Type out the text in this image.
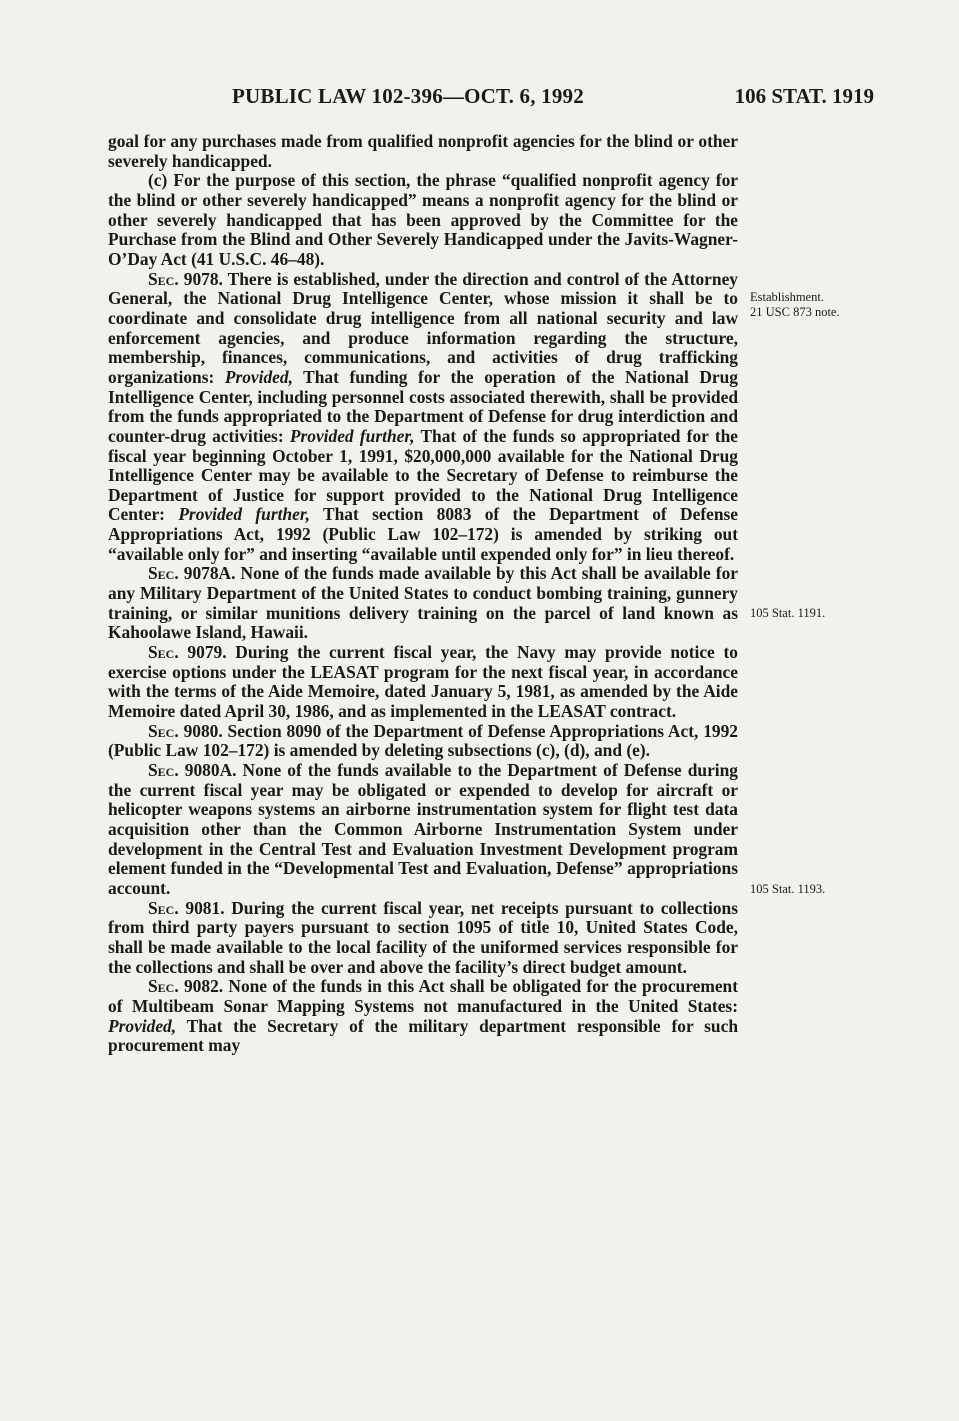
PUBLIC LAW 102-396—OCT. 6, 1992	106 STAT. 1919
Establishment.
21 USC 873 note.
105 Stat. 1191.
105 Stat. 1193.

goal for any purchases made from qualified nonprofit agencies for the blind or other severely handicapped.

(c) For the purpose of this section, the phrase “qualified nonprofit agency for the blind or other severely handicapped” means a nonprofit agency for the blind or other severely handicapped that has been approved by the Committee for the Purchase from the Blind and Other Severely Handicapped under the Javits-Wagner-O’Day Act (41 U.S.C. 46–48).

Sec. 9078. There is established, under the direction and control of the Attorney General, the National Drug Intelligence Center, whose mission it shall be to coordinate and consolidate drug intelligence from all national security and law enforcement agencies, and produce information regarding the structure, membership, finances, communications, and activities of drug trafficking organizations: Provided, That funding for the operation of the National Drug Intelligence Center, including personnel costs associated therewith, shall be provided from the funds appropriated to the Department of Defense for drug interdiction and counter-drug activities: Provided further, That of the funds so appropriated for the fiscal year beginning October 1, 1991, $20,000,000 available for the National Drug Intelligence Center may be available to the Secretary of Defense to reimburse the Department of Justice for support provided to the National Drug Intelligence Center: Provided further, That section 8083 of the Department of Defense Appropriations Act, 1992 (Public Law 102–172) is amended by striking out “available only for” and inserting “available until expended only for” in lieu thereof.

Sec. 9078A. None of the funds made available by this Act shall be available for any Military Department of the United States to conduct bombing training, gunnery training, or similar munitions delivery training on the parcel of land known as Kahoolawe Island, Hawaii.

Sec. 9079. During the current fiscal year, the Navy may provide notice to exercise options under the LEASAT program for the next fiscal year, in accordance with the terms of the Aide Memoire, dated January 5, 1981, as amended by the Aide Memoire dated April 30, 1986, and as implemented in the LEASAT contract.

Sec. 9080. Section 8090 of the Department of Defense Appropriations Act, 1992 (Public Law 102–172) is amended by deleting subsections (c), (d), and (e).

Sec. 9080A. None of the funds available to the Department of Defense during the current fiscal year may be obligated or expended to develop for aircraft or helicopter weapons systems an airborne instrumentation system for flight test data acquisition other than the Common Airborne Instrumentation System under development in the Central Test and Evaluation Investment Development program element funded in the “Developmental Test and Evaluation, Defense” appropriations account.

Sec. 9081. During the current fiscal year, net receipts pursuant to collections from third party payers pursuant to section 1095 of title 10, United States Code, shall be made available to the local facility of the uniformed services responsible for the collections and shall be over and above the facility’s direct budget amount.

Sec. 9082. None of the funds in this Act shall be obligated for the procurement of Multibeam Sonar Mapping Systems not manufactured in the United States: Provided, That the Secretary of the military department responsible for such procurement may
